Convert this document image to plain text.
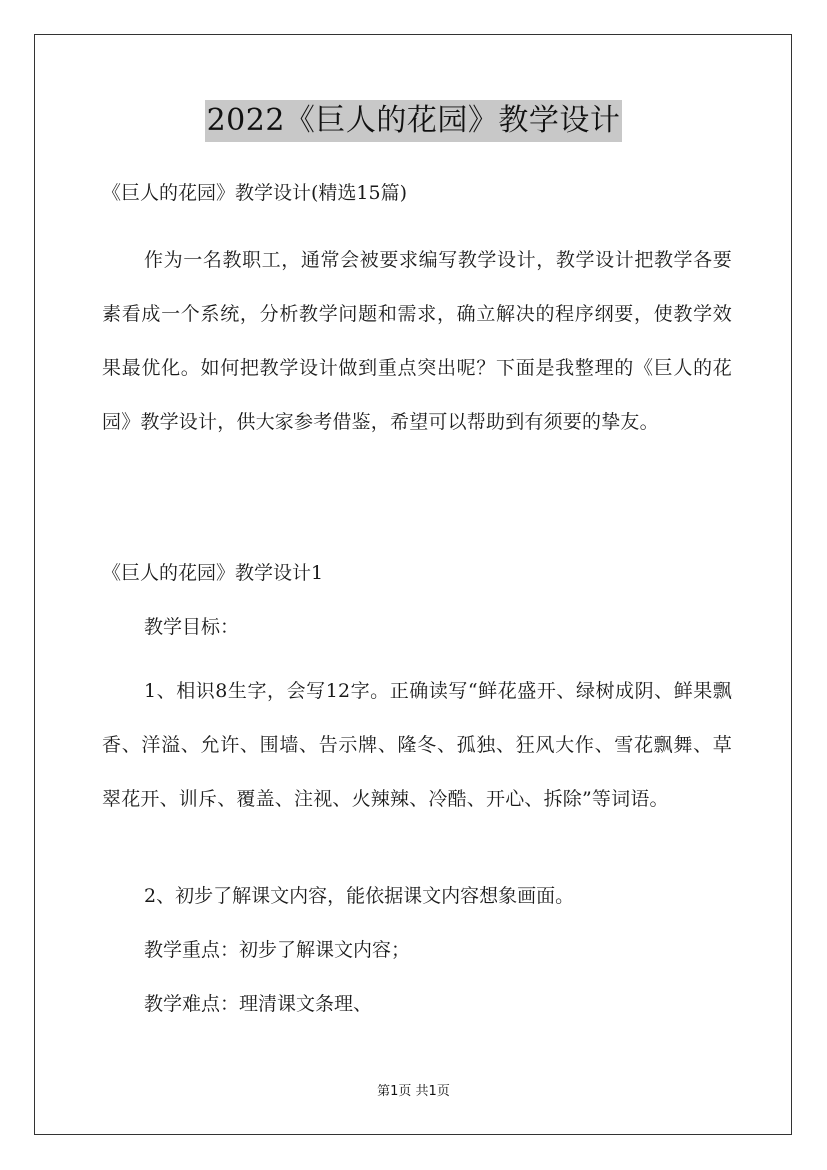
2022《巨人的花园》教学设计

《巨人的花园》教学设计(精选15篇)

作为一名教职工，通常会被要求编写教学设计，教学设计把教学各要素看成一个系统，分析教学问题和需求，确立解决的程序纲要，使教学效果最优化。如何把教学设计做到重点突出呢？下面是我整理的《巨人的花园》教学设计，供大家参考借鉴，希望可以帮助到有须要的挚友。

《巨人的花园》教学设计1

教学目标：

1、相识8生字，会写12字。正确读写“鲜花盛开、绿树成阴、鲜果飘香、洋溢、允许、围墙、告示牌、隆冬、孤独、狂风大作、雪花飘舞、草翠花开、训斥、覆盖、注视、火辣辣、冷酷、开心、拆除”等词语。

2、初步了解课文内容，能依据课文内容想象画面。

教学重点：初步了解课文内容；

教学难点：理清课文条理、

第1页 共1页
